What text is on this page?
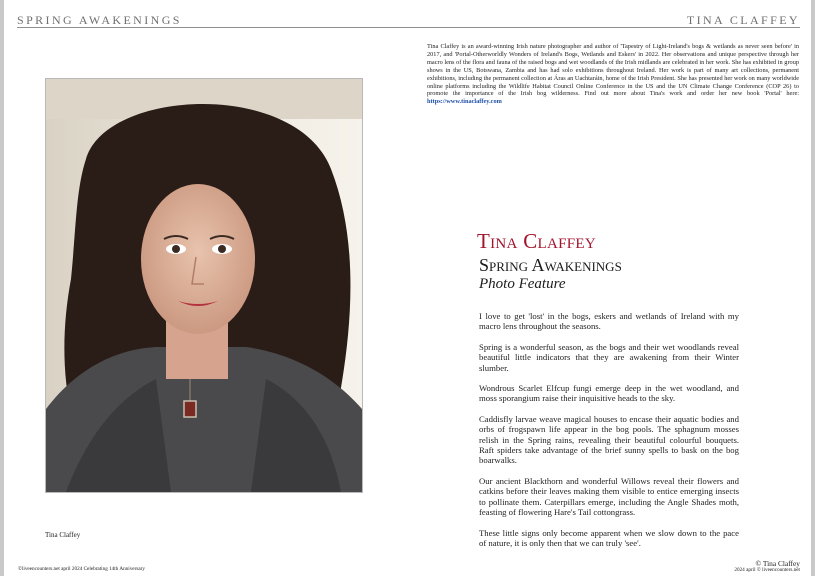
SPRING AWAKENINGS	TINA CLAFFEY
Tina Claffey is an award-winning Irish nature photographer and author of 'Tapestry of Light-Ireland's bogs & wetlands as never seen before' in 2017, and 'Portal-Otherworldly Wonders of Ireland's Bogs, Wetlands and Eskers' in 2022. Her observations and unique perspective through her macro lens of the flora and fauna of the raised bogs and wet woodlands of the Irish midlands are celebrated in her work. She has exhibited in group shows in the US, Botswana, Zambia and has had solo exhibitions throughout Ireland. Her work is part of many art collections, permanent exhibitions, including the permanent collection at Áras an Uachtaráin, home of the Irish President. She has presented her work on many worldwide online platforms including the Wildlife Habitat Council Online Conference in the US and the UN Climate Change Conference (COP 26) to promote the importance of the Irish bog wilderness. Find out more about Tina's work and order her new book 'Portal' here: https://www.tinaclaffey.com
Tina Claffey
Tina Claffey
Spring Awakenings
Photo Feature

I love to get 'lost' in the bogs, eskers and wetlands of Ireland with my macro lens throughout the seasons.

Spring is a wonderful season, as the bogs and their wet woodlands reveal beautiful little indicators that they are awakening from their Winter slumber.

Wondrous Scarlet Elfcup fungi emerge deep in the wet woodland, and moss sporangium raise their inquisitive heads to the sky.

Caddisfly larvae weave magical houses to encase their aquatic bodies and orbs of frogspawn life appear in the bog pools. The sphagnum mosses relish in the Spring rains, revealing their beautiful colourful bouquets. Raft spiders take advantage of the brief sunny spells to bask on the bog boarwalks.

Our ancient Blackthorn and wonderful Willows reveal their flowers and catkins before their leaves making them visible to entice emerging insects to pollinate them. Caterpillars emerge, including the Angle Shades moth, feasting of flowering Hare's Tail cottongrass.

These little signs only become apparent when we slow down to the pace of nature, it is only then that we can truly 'see'.

©liveencounters.net april 2024 Celebrating 14th Anniversary
© Tina Claffey
2024 april © liveencounters.net
